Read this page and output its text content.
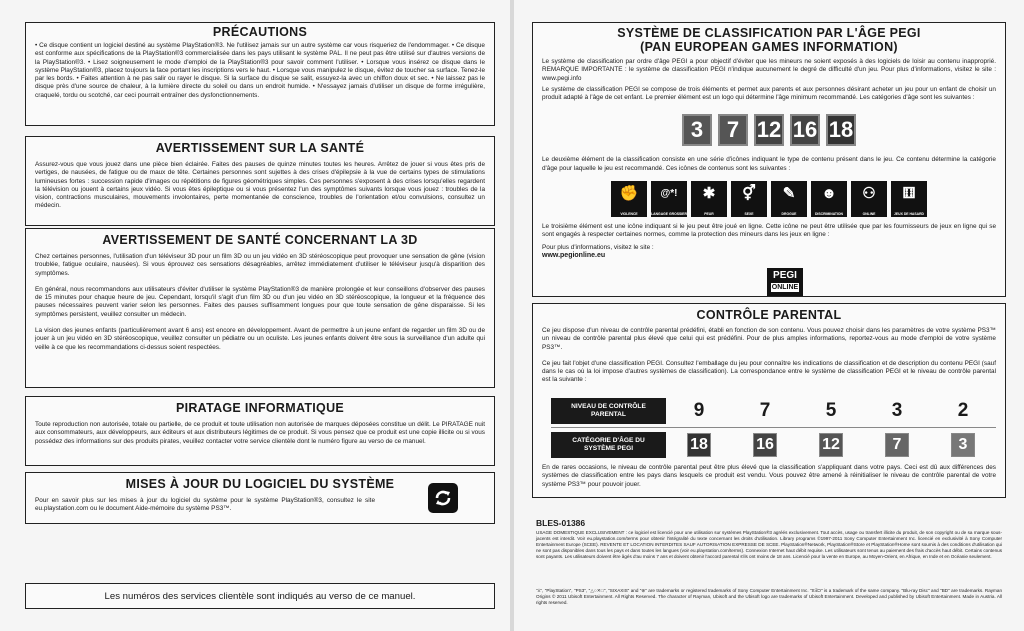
PRÉCAUTIONS

• Ce disque contient un logiciel destiné au système PlayStation®3. Ne l'utilisez jamais sur un autre système car vous risqueriez de l'endommager. • Ce disque est conforme aux spécifications de la PlayStation®3 commercialisée dans les pays utilisant le système PAL. Il ne peut pas être utilisé sur d'autres versions de la PlayStation®3. • Lisez soigneusement le mode d'emploi de la PlayStation®3 pour savoir comment l'utiliser. • Lorsque vous insérez ce disque dans le système PlayStation®3, placez toujours la face portant les inscriptions vers le haut. • Lorsque vous manipulez le disque, évitez de toucher sa surface. Tenez-le par les bords. • Faites attention à ne pas salir ou rayer le disque. Si la surface du disque se salit, essuyez-la avec un chiffon doux et sec. • Ne laissez pas le disque près d'une source de chaleur, à la lumière directe du soleil ou dans un endroit humide. • N'essayez jamais d'utiliser un disque de forme irrégulière, craquelé, tordu ou scotché, car ceci pourrait entraîner des dysfonctionnements.

AVERTISSEMENT SUR LA SANTÉ

Assurez-vous que vous jouez dans une pièce bien éclairée. Faites des pauses de quinze minutes toutes les heures. Arrêtez de jouer si vous êtes pris de vertiges, de nausées, de fatigue ou de maux de tête. Certaines personnes sont sujettes à des crises d'épilepsie à la vue de certains types de stimulations lumineuses fortes : succession rapide d'images ou répétitions de figures géométriques simples. Ces personnes s'exposent à des crises lorsqu'elles regardent la télévision ou jouent à certains jeux vidéo. Si vous êtes épileptique ou si vous présentez l'un des symptômes suivants lorsque vous jouez : troubles de la vision, contractions musculaires, mouvements involontaires, perte momentanée de conscience, troubles de l'orientation et/ou convulsions, consultez un médecin.

AVERTISSEMENT DE SANTÉ CONCERNANT LA 3D

Chez certaines personnes, l'utilisation d'un téléviseur 3D pour un film 3D ou un jeu vidéo en 3D stéréoscopique peut provoquer une sensation de gêne (vision troublée, fatigue oculaire, nausées). Si vous éprouvez ces sensations désagréables, arrêtez immédiatement d'utiliser le téléviseur jusqu'à disparition des symptômes.

En général, nous recommandons aux utilisateurs d'éviter d'utiliser le système PlayStation®3 de manière prolongée et leur conseillons d'observer des pauses de 15 minutes pour chaque heure de jeu. Cependant, lorsqu'il s'agit d'un film 3D ou d'un jeu vidéo en 3D stéréoscopique, la longueur et la fréquence des pauses nécessaires peuvent varier selon les personnes. Faites des pauses suffisamment longues pour que toute sensation de gêne disparaisse. Si les symptômes persistent, veuillez consulter un médecin.

La vision des jeunes enfants (particulièrement avant 6 ans) est encore en développement. Avant de permettre à un jeune enfant de regarder un film 3D ou de jouer à un jeu vidéo en 3D stéréoscopique, veuillez consulter un pédiatre ou un oculiste. Les jeunes enfants doivent être sous la surveillance d'un adulte qui veille à ce que les recommandations ci-dessus soient respectées.

PIRATAGE INFORMATIQUE

Toute reproduction non autorisée, totale ou partielle, de ce produit et toute utilisation non autorisée de marques déposées constitue un délit. Le PIRATAGE nuit aux consommateurs, aux développeurs, aux éditeurs et aux distributeurs légitimes de ce produit. Si vous pensez que ce produit est une copie illicite ou si vous possédez des informations sur des produits pirates, veuillez contacter votre service clientèle dont le numéro figure au verso de ce manuel.

MISES À JOUR DU LOGICIEL DU SYSTÈME

Pour en savoir plus sur les mises à jour du logiciel du système pour le système PlayStation®3, consultez le site eu.playstation.com ou le document Aide-mémoire du système PS3™.

Les numéros des services clientèle sont indiqués au verso de ce manuel.
SYSTÈME DE CLASSIFICATION PAR L'ÂGE PEGI
(PAN EUROPEAN GAMES INFORMATION)

Le système de classification par ordre d'âge PEGI a pour objectif d'éviter que les mineurs ne soient exposés à des logiciels de loisir au contenu inapproprié. REMARQUE IMPORTANTE : le système de classification PEGI n'indique aucunement le degré de difficulté d'un jeu. Pour plus d'informations, visitez le site : www.pegi.info

Le système de classification PEGI se compose de trois éléments et permet aux parents et aux personnes désirant acheter un jeu pour un enfant de choisir un produit adapté à l'âge de cet enfant. Le premier élément est un logo qui détermine l'âge minimum recommandé. Les catégories d'âge sont les suivantes :

3	7 12 16 18

Le deuxième élément de la classification consiste en une série d'icônes indiquant le type de contenu présent dans le jeu. Ce contenu détermine la catégorie d'âge pour laquelle le jeu est recommandé. Ces icônes de contenus sont les suivantes :

✊
VIOLENCE
@*!
LANGAGE GROSSIER
✱
PEUR
⚥
SEXE
✎
DROGUE
☻
DISCRIMINATION
⚇
ONLINE
⚅
JEUX DE HASARD

Le troisième élément est une icône indiquant si le jeu peut être joué en ligne. Cette icône ne peut être utilisée que par les fournisseurs de jeux en ligne qui se sont engagés à respecter certaines normes, comme la protection des mineurs dans les jeux en ligne :

Pour plus d'informations, visitez le site :

www.pegionline.eu

PEGI
ONLINE
CONTRÔLE PARENTAL

Ce jeu dispose d'un niveau de contrôle parental prédéfini, établi en fonction de son contenu. Vous pouvez choisir dans les paramètres de votre système PS3™ un niveau de contrôle parental plus élevé que celui qui est prédéfini. Pour de plus amples informations, reportez-vous au mode d'emploi de votre système PS3™.

Ce jeu fait l'objet d'une classification PEGI. Consultez l'emballage du jeu pour connaître les indications de classification et de description du contenu PEGI (sauf dans le cas où la loi impose d'autres systèmes de classification). La correspondance entre le système de classification PEGI et le niveau de contrôle parental est la suivante :

NIVEAU DE CONTRÔLE PARENTAL	9	7	5	3	2
CATÉGORIE D'ÂGE DU SYSTÈME PEGI	18	16	12	7	3

En de rares occasions, le niveau de contrôle parental peut être plus élevé que la classification s'appliquant dans votre pays. Ceci est dû aux différences des systèmes de classification entre les pays dans lesquels ce produit est vendu. Vous pouvez être amené à réinitialiser le niveau de contrôle parental de votre système PS3™ pour pouvoir jouer.

BLES-01386

USAGE DOMESTIQUE EXCLUSIVEMENT : ce logiciel est licencié pour une utilisation sur systèmes PlayStation®3 agréés exclusivement. Tout accès, usage ou transfert illicite du produit, de son copyright ou de sa marque sous-jacents est interdit. Voir eu.playstation.com/terms pour obtenir l'intégralité du texte concernant les droits d'utilisation. Library programs ©1997-2011 Sony Computer Entertainment Inc. licencié en exclusivité à Sony Computer Entertainment Europe (SCEE). REVENTE ET LOCATION INTERDITES SAUF AUTORISATION EXPRESSE DE SCEE. PlayStation®Network, PlayStation®Store et PlayStation®Home sont soumis à des conditions d'utilisation qui ne sont pas disponibles dans tous les pays et dans toutes les langues (voir eu.playstation.com/terms). Connexion Internet haut débit requise. Les utilisateurs sont tenus au paiement des frais d'accès haut débit. Certains contenus sont payants. Les utilisateurs doivent être âgés d'au moins 7 ans et doivent obtenir l'accord parental s'ils ont moins de 18 ans. Licencié pour la vente en Europe, au Moyen-Orient, en Afrique, en Inde et en Océanie seulement.

"⅄", "PlayStation", "PS3", "△○✕□", "SIXAXIS" and "⊛" are trademarks or registered trademarks of Sony Computer Entertainment Inc. "Ƨ∃Ͻ" is a trademark of the same company. "Blu-ray Disc" and "BD" are trademarks. Rayman Origins © 2011 Ubisoft Entertainment. All Rights Reserved. The character of Rayman, Ubisoft and the Ubisoft logo are trademarks of Ubisoft Entertainment. Developed and published by Ubisoft Entertainment. Made in Austria. All rights reserved.
